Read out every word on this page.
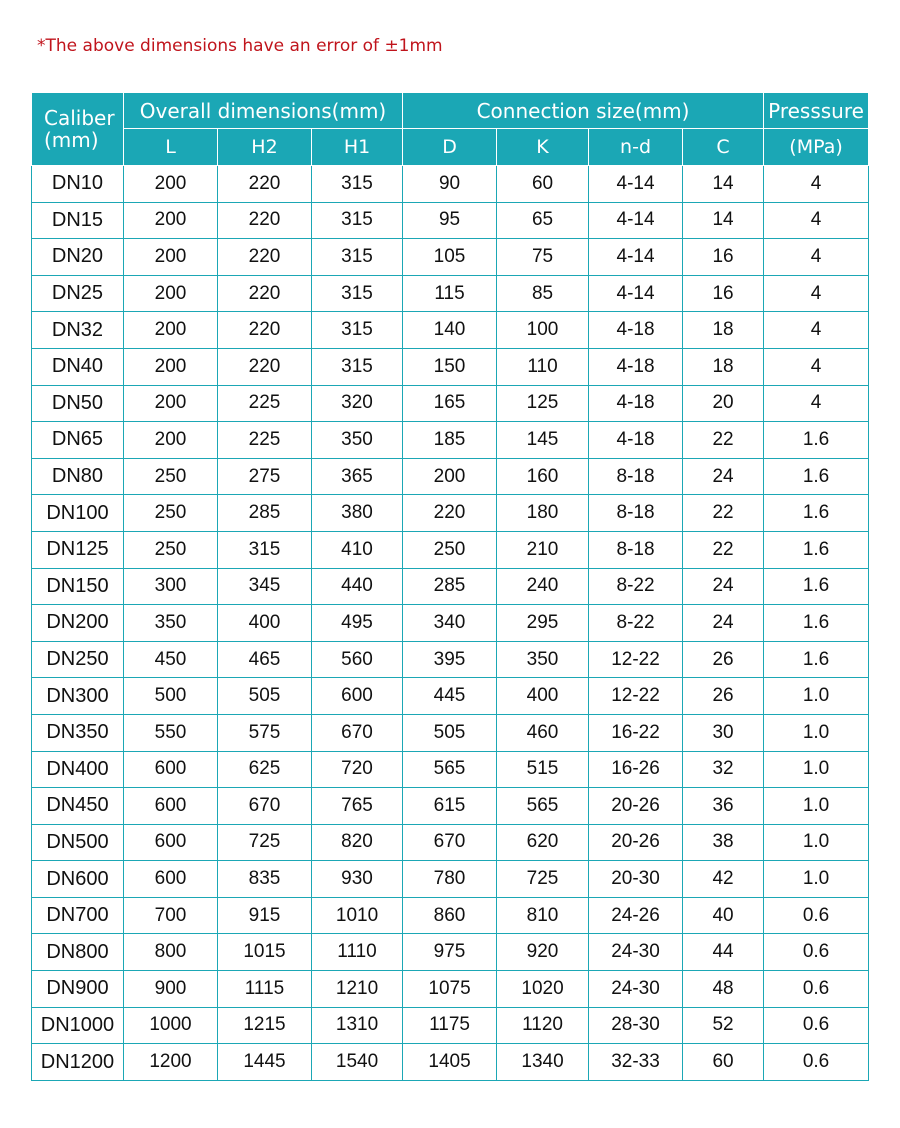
*The above dimensions have an error of ±1mm
Caliber (mm)	Overall dimensions(mm)			Connection size(mm)				Presssure
	L	H2	H1	D	K	n-d	C	(MPa)
DN10	200	220	315	90	60	4-14	14	4
DN15	200	220	315	95	65	4-14	14	4
DN20	200	220	315	105	75	4-14	16	4
DN25	200	220	315	115	85	4-14	16	4
DN32	200	220	315	140	100	4-18	18	4
DN40	200	220	315	150	110	4-18	18	4
DN50	200	225	320	165	125	4-18	20	4
DN65	200	225	350	185	145	4-18	22	1.6
DN80	250	275	365	200	160	8-18	24	1.6
DN100	250	285	380	220	180	8-18	22	1.6
DN125	250	315	410	250	210	8-18	22	1.6
DN150	300	345	440	285	240	8-22	24	1.6
DN200	350	400	495	340	295	8-22	24	1.6
DN250	450	465	560	395	350	12-22	26	1.6
DN300	500	505	600	445	400	12-22	26	1.0
DN350	550	575	670	505	460	16-22	30	1.0
DN400	600	625	720	565	515	16-26	32	1.0
DN450	600	670	765	615	565	20-26	36	1.0
DN500	600	725	820	670	620	20-26	38	1.0
DN600	600	835	930	780	725	20-30	42	1.0
DN700	700	915	1010	860	810	24-26	40	0.6
DN800	800	1015	1110	975	920	24-30	44	0.6
DN900	900	1115	1210	1075	1020	24-30	48	0.6
DN1000	1000	1215	1310	1175	1120	28-30	52	0.6
DN1200	1200	1445	1540	1405	1340	32-33	60	0.6
